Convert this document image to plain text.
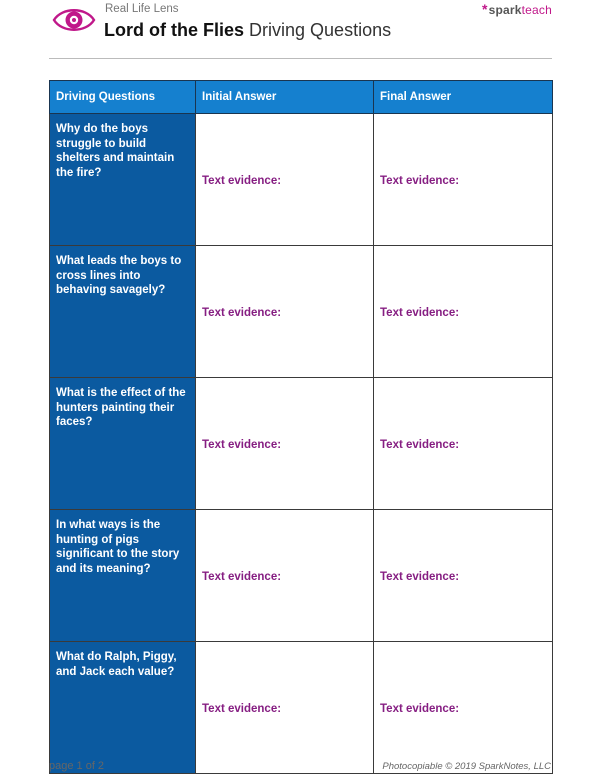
Real Life Lens
Lord of the Flies Driving Questions
*sparkteach
Driving Questions	Initial Answer	Final Answer
Why do the boys struggle to build shelters and maintain the fire?	Text evidence:	Text evidence:
What leads the boys to cross lines into behaving savagely?	Text evidence:	Text evidence:
What is the effect of the hunters painting their faces?	Text evidence:	Text evidence:
In what ways is the hunting of pigs significant to the story and its meaning?	Text evidence:	Text evidence:
What do Ralph, Piggy, and Jack each value?	Text evidence:	Text evidence:
page 1 of 2	Photocopiable © 2019 SparkNotes, LLC
